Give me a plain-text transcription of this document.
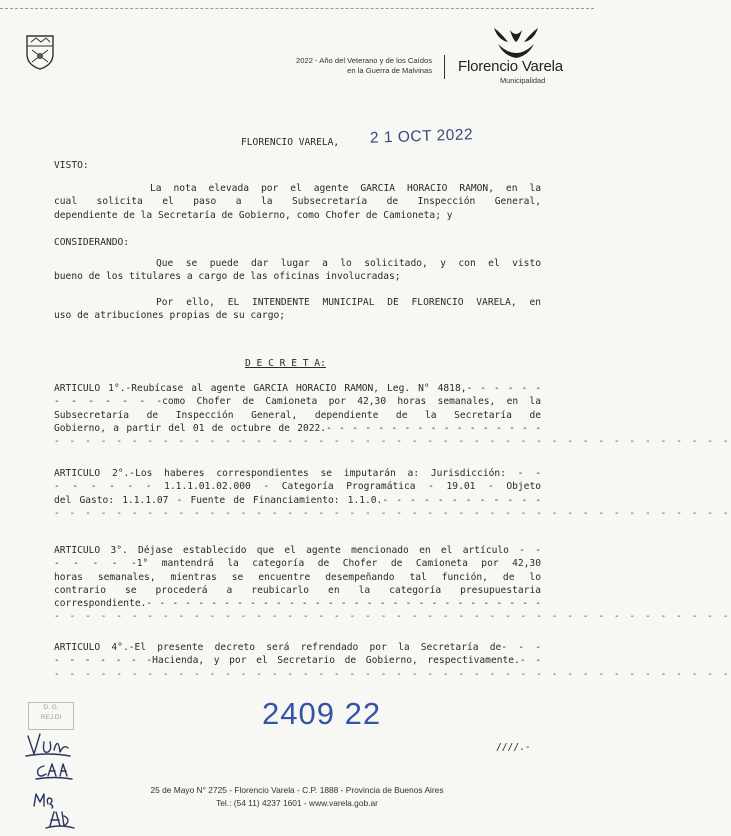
2022 - Año del Veterano y de los Caídos
en la Guerra de Malvinas Florencio Varela
Municipalidad
FLORENCIO VARELA, 2 1 OCT 2022
VISTO:
La nota elevada por el agente GARCIA HORACIO RAMON, en la
cual solicita el paso a la Subsecretaría de Inspección General,
dependiente de la Secretaría de Gobierno, como Chofer de Camioneta; y
CONSIDERANDO:
Que se puede dar lugar a lo solicitado, y con el visto
bueno de los titulares a cargo de las oficinas involucradas;
Por ello, EL INTENDENTE MUNICIPAL DE FLORENCIO VARELA, en
uso de atribuciones propias de su cargo;
D E C R E T A:
ARTICULO 1°.-Reubícase al agente GARCIA HORACIO RAMON, Leg. N° 4818,- - - - - -
- - - - - - -como Chofer de Camioneta por 42,30 horas semanales, en la
Subsecretaría de Inspección General, dependiente de la Secretaría de
Gobierno, a partir del 01 de octubre de 2022.- - - - - - - - - - - - - - - - -
- - - - - - - - - - - - - - - - - - - - - - - - - - - - - - - - - - - - - - - - - - - -
ARTICULO 2°.-Los haberes correspondientes se imputarán a: Jurisdicción: - -
- - - - - - 1.1.1.01.02.000 - Categoría Programática - 19.01 - Objeto
del Gasto: 1.1.1.07 - Fuente de Financiamiento: 1.1.0.- - - - - - - - - - - -
- - - - - - - - - - - - - - - - - - - - - - - - - - - - - - - - - - - - - - - - - - - -
ARTICULO 3°. Déjase establecido que el agente mencionado en el artículo - -
- - - - -1° mantendrá la categoría de Chofer de Camioneta por 42,30
horas semanales, mientras se encuentre desempeñando tal función, de lo
contrario se procederá a reubicarlo en la categoría presupuestaria
correspondiente.- - - - - - - - - - - - - - - - - - - - - - - - - - - - - - -
- - - - - - - - - - - - - - - - - - - - - - - - - - - - - - - - - - - - - - - - - - - -
ARTICULO 4°.-El presente decreto será refrendado por la Secretaría de- - -
- - - - - - -Hacienda, y por el Secretario de Gobierno, respectivamente.- -
- - - - - - - - - - - - - - - - - - - - - - - - - - - - - - - - - - - - - - - - - - - -
D. G.
REJ.DI	2409 22
////.-
25 de Mayo N° 2725 - Florencio Varela - C.P. 1888 - Provincia de Buenos Aires
Tel.: (54 11) 4237 1601 - www.varela.gob.ar
